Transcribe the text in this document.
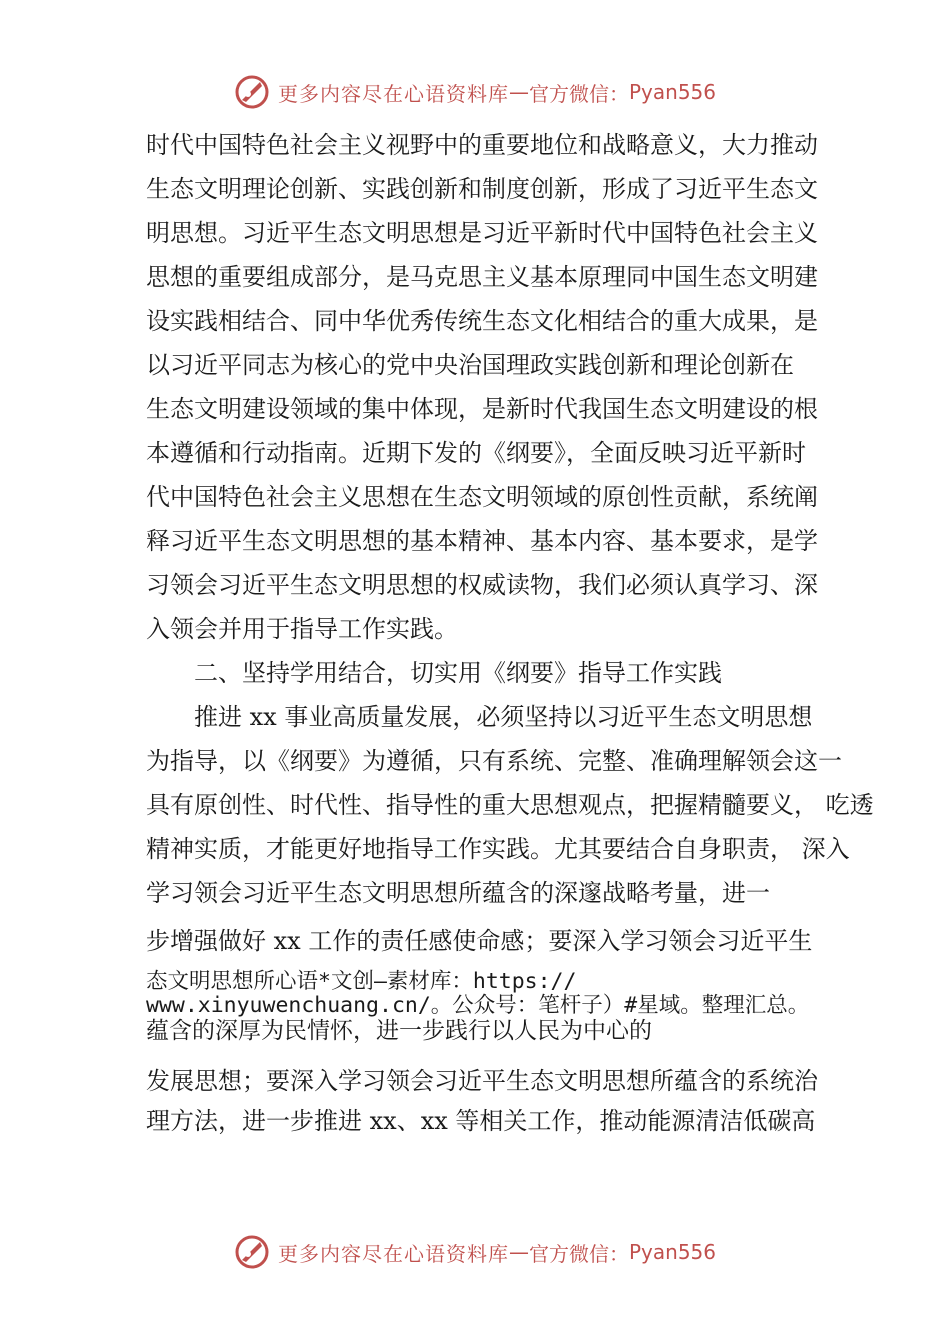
更多内容尽在心语资料库 — 官方微信： Pyan556
时代中国特色社会主义视野中的重要地位和战略意义，大力推动
生态文明理论创新、实践创新和制度创新，形成了习近平生态文
明思想。习近平生态文明思想是习近平新时代中国特色社会主义
思想的重要组成部分，是马克思主义基本原理同中国生态文明建
设实践相结合、同中华优秀传统生态文化相结合的重大成果，是
以习近平同志为核心的党中央治国理政实践创新和理论创新在
生态文明建设领域的集中体现，是新时代我国生态文明建设的根
本遵循和行动指南。近期下发的《纲要》，全面反映习近平新时
代中国特色社会主义思想在生态文明领域的原创性贡献，系统阐
释习近平生态文明思想的基本精神、基本内容、基本要求，是学
习领会习近平生态文明思想的权威读物，我们必须认真学习、深
入领会并用于指导工作实践。
二、坚持学用结合，切实用《纲要》指导工作实践
推进 xx 事业高质量发展，必须坚持以习近平生态文明思想
为指导，以《纲要》为遵循，只有系统、完整、准确理解领会这一
具有原创性、时代性、指导性的重大思想观点，把握精髓要义， 吃透
精神实质，才能更好地指导工作实践。尤其要结合自身职责， 深入
学习领会习近平生态文明思想所蕴含的深邃战略考量，进一
步增强做好 xx 工作的责任感使命感；要深入学习领会习近平生
态文明思想所心语*文创—素材库：https://
www.xinyuwenchuang.cn/。公众号：笔杆子）#星域。整理汇总。
蕴含的深厚为民情怀，进一步践行以人民为中心的
发展思想；要深入学习领会习近平生态文明思想所蕴含的系统治
理方法，进一步推进 xx、xx 等相关工作，推动能源清洁低碳高
更多内容尽在心语资料库 — 官方微信： Pyan556
